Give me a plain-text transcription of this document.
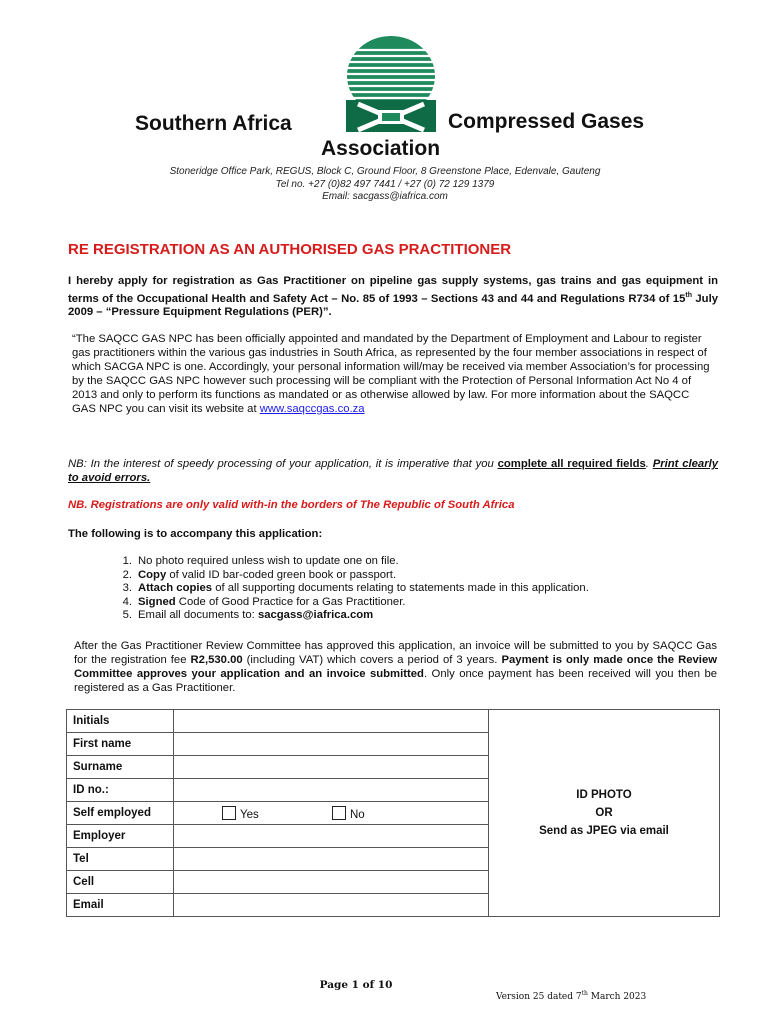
Southern Africa	Compressed Gases
Association
Stoneridge Office Park, REGUS, Block C, Ground Floor, 8 Greenstone Place, Edenvale, Gauteng
Tel no. +27 (0)82 497 7441 / +27 (0) 72 129 1379
Email: sacgass@iafrica.com
RE REGISTRATION AS AN AUTHORISED GAS PRACTITIONER
I hereby apply for registration as Gas Practitioner on pipeline gas supply systems, gas trains and gas equipment in terms of the Occupational Health and Safety Act – No. 85 of 1993 – Sections 43 and 44 and Regulations R734 of 15th July 2009 – “Pressure Equipment Regulations (PER)”.
“The SAQCC GAS NPC has been officially appointed and mandated by the Department of Employment and Labour to register gas practitioners within the various gas industries in South Africa, as represented by the four member associations in respect of which SACGA NPC is one. Accordingly, your personal information will/may be received via member Association’s for processing by the SAQCC GAS NPC however such processing will be compliant with the Protection of Personal Information Act No 4 of 2013 and only to perform its functions as mandated or as otherwise allowed by law. For more information about the SAQCC GAS NPC you can visit its website at www.saqccgas.co.za
NB: In the interest of speedy processing of your application, it is imperative that you complete all required fields. Print clearly to avoid errors.
NB. Registrations are only valid with-in the borders of The Republic of South Africa
The following is to accompany this application:
1. No photo required unless wish to update one on file.
2. Copy of valid ID bar-coded green book or passport.
3. Attach copies of all supporting documents relating to statements made in this application.
4. Signed Code of Good Practice for a Gas Practitioner.
5. Email all documents to: sacgass@iafrica.com
After the Gas Practitioner Review Committee has approved this application, an invoice will be submitted to you by SAQCC Gas for the registration fee R2,530.00 (including VAT) which covers a period of 3 years. Payment is only made once the Review Committee approves your application and an invoice submitted. Only once payment has been received will you then be registered as a Gas Practitioner.
Initials		ID PHOTO
OR
Send as JPEG via email

First name		
Surname		
ID no.:		
Self employed	Yes No	
Employer		
Tel		
Cell		
Email		
Page 1 of 10
Version 25 dated 7th March 2023
